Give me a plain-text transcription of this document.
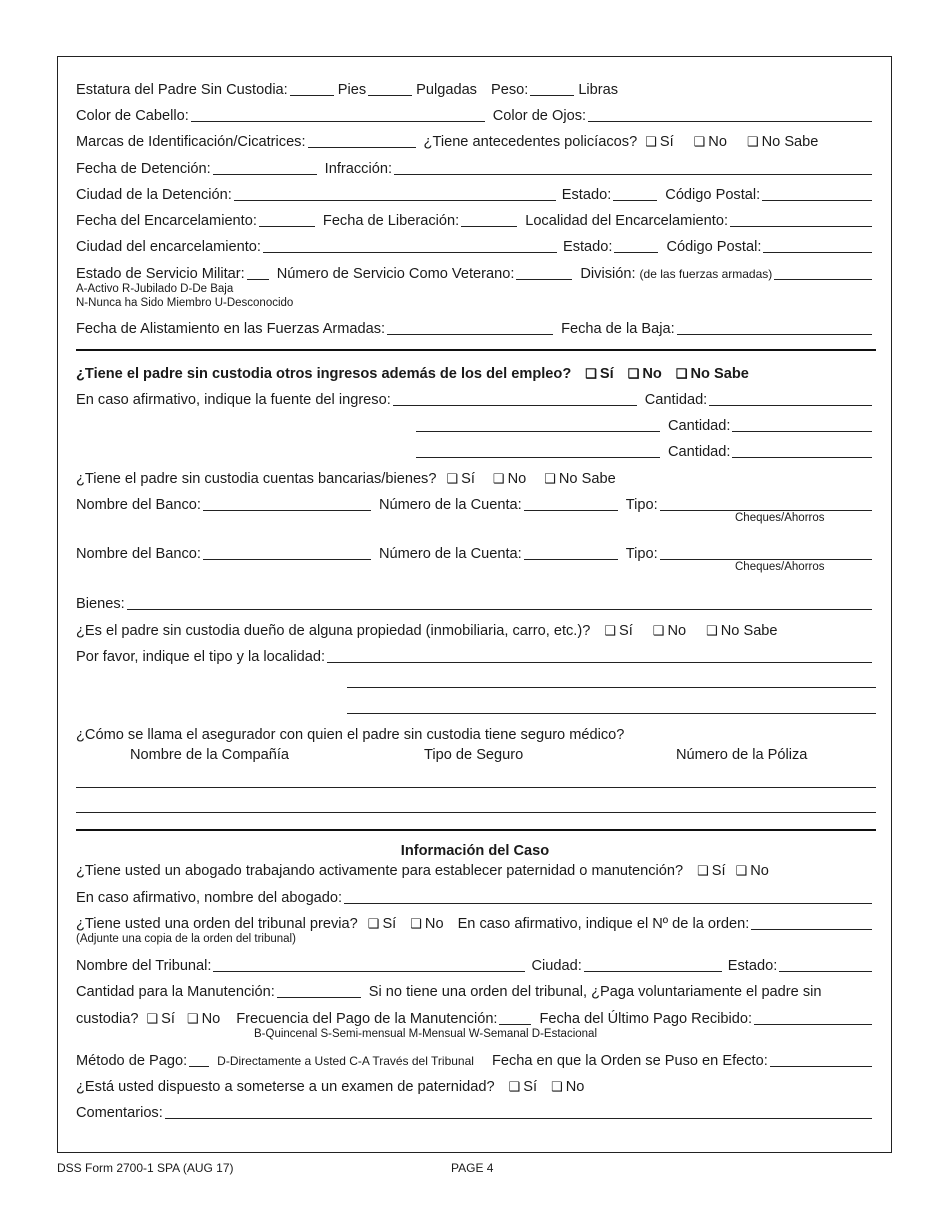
Estatura del Padre Sin Custodia:	Pies	Pulgadas Peso:	Libras
Color de Cabello:	Color de Ojos:
Marcas de Identificación/Cicatrices:	¿Tiene antecedentes policíacos? ❑ Sí ❑ No ❑ No Sabe
Fecha de Detención:	Infracción:
Ciudad de la Detención:	Estado:	Código Postal:
Fecha del Encarcelamiento:	Fecha de Liberación:	Localidad del Encarcelamiento:
Ciudad del encarcelamiento:	Estado:	Código Postal:
Estado de Servicio Militar: Número de Servicio Como Veterano:	División: (de las fuerzas armadas)
A-Activo R-Jubilado D-De Baja
N-Nunca ha Sido Miembro U-Desconocido
Fecha de Alistamiento en las Fuerzas Armadas:	Fecha de la Baja:
¿Tiene el padre sin custodia otros ingresos además de los del empleo? ❑ Sí ❑ No ❑ No Sabe
En caso afirmativo, indique la fuente del ingreso:	Cantidad:
Cantidad:
Cantidad:
¿Tiene el padre sin custodia cuentas bancarias/bienes? ❑ Sí ❑ No ❑ No Sabe
Nombre del Banco:	Número de la Cuenta:	Tipo:
Cheques/Ahorros
Nombre del Banco:	Número de la Cuenta:	Tipo:
Cheques/Ahorros
Bienes:
¿Es el padre sin custodia dueño de alguna propiedad (inmobiliaria, carro, etc.)? ❑ Sí ❑ No ❑ No Sabe
Por favor, indique el tipo y la localidad:
¿Cómo se llama el asegurador con quien el padre sin custodia tiene seguro médico?
Nombre de la Compañía	Tipo de Seguro	Número de la Póliza
Información del Caso
¿Tiene usted un abogado trabajando activamente para establecer paternidad o manutención? ❑ Sí ❑ No
En caso afirmativo, nombre del abogado:
¿Tiene usted una orden del tribunal previa? ❑ Sí ❑ No En caso afirmativo, indique el Nº de la orden:
(Adjunte una copia de la orden del tribunal)
Nombre del Tribunal:	Ciudad:	Estado:
Cantidad para la Manutención:	Si no tiene una orden del tribunal, ¿Paga voluntariamente el padre sin
custodia? ❑ Sí ❑ No Frecuencia del Pago de la Manutención:	Fecha del Último Pago Recibido:
B-Quincenal S-Semi-mensual M-Mensual W-Semanal D-Estacional
Método de Pago:	D-Directamente a Usted C-A Través del Tribunal Fecha en que la Orden se Puso en Efecto:
¿Está usted dispuesto a someterse a un examen de paternidad? ❑ Sí ❑ No
Comentarios:
DSS Form 2700-1 SPA (AUG 17)	PAGE 4
